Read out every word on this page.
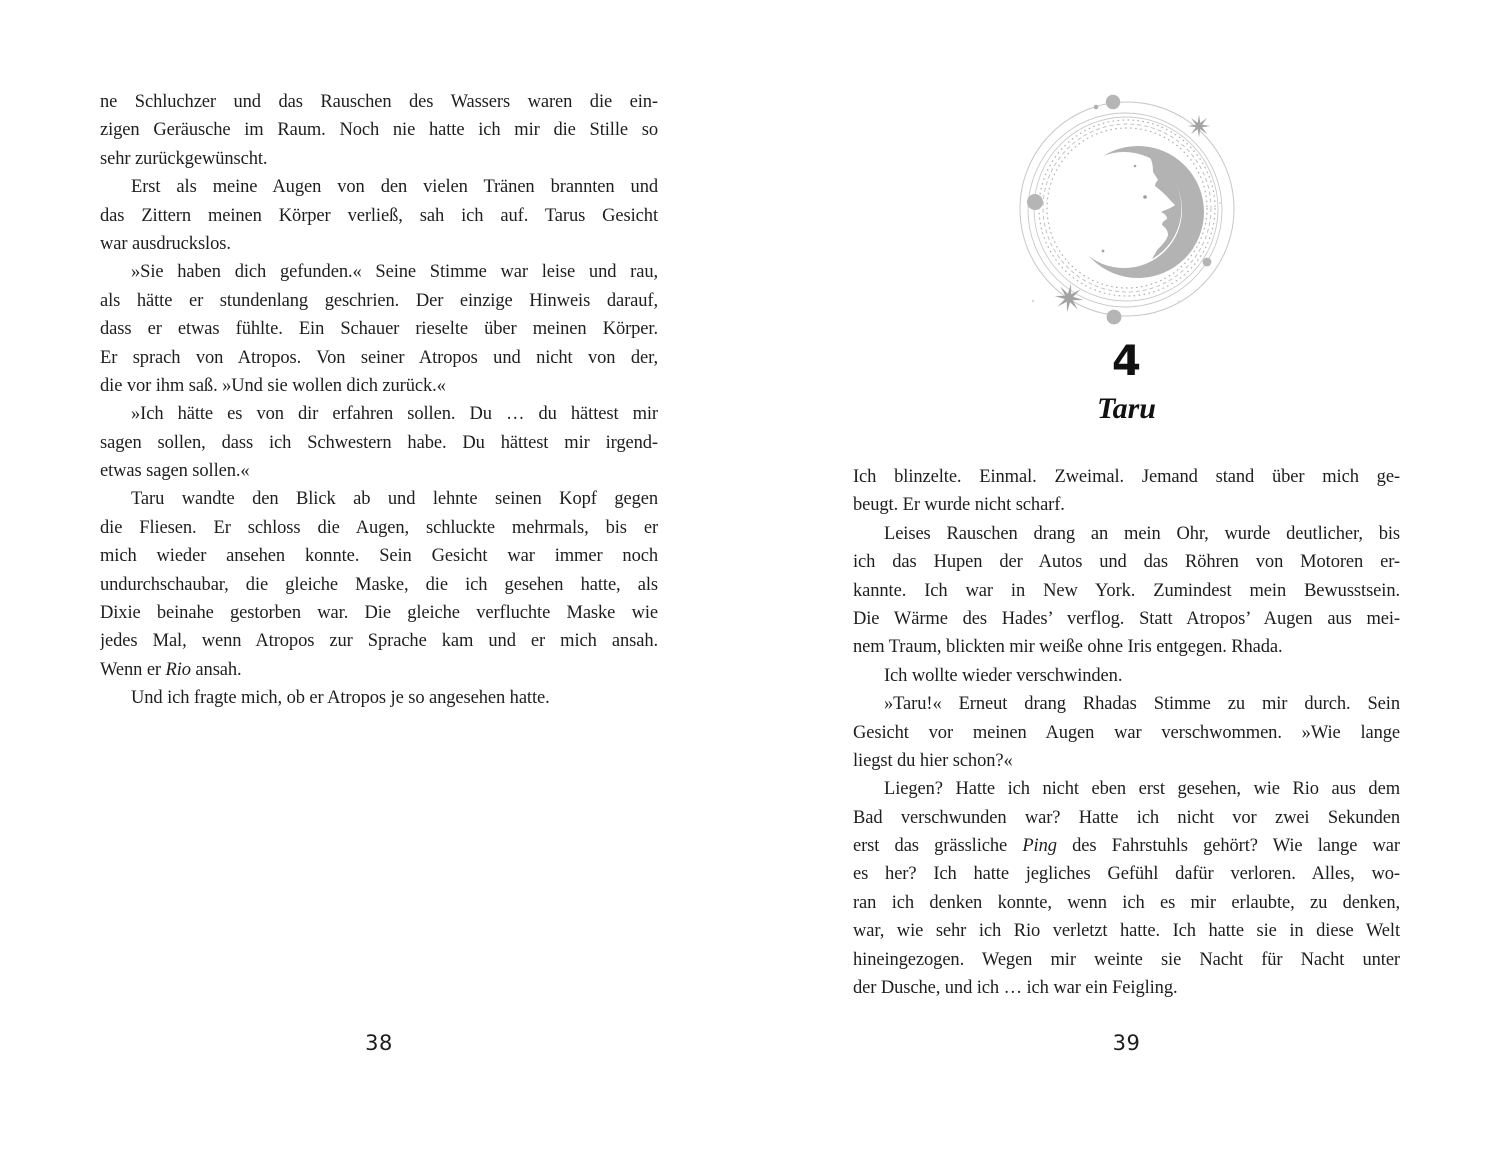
ne Schluchzer und das Rauschen des Wassers waren die ein-
zigen Geräusche im Raum. Noch nie hatte ich mir die Stille so
sehr zurückgewünscht.
Erst als meine Augen von den vielen Tränen brannten und
das Zittern meinen Körper verließ, sah ich auf. Tarus Gesicht
war ausdruckslos.
»Sie haben dich gefunden.« Seine Stimme war leise und rau,
als hätte er stundenlang geschrien. Der einzige Hinweis darauf,
dass er etwas fühlte. Ein Schauer rieselte über meinen Körper.
Er sprach von Atropos. Von seiner Atropos und nicht von der,
die vor ihm saß. »Und sie wollen dich zurück.«
»Ich hätte es von dir erfahren sollen. Du … du hättest mir
sagen sollen, dass ich Schwestern habe. Du hättest mir irgend-
etwas sagen sollen.«
Taru wandte den Blick ab und lehnte seinen Kopf gegen
die Fliesen. Er schloss die Augen, schluckte mehrmals, bis er
mich wieder ansehen konnte. Sein Gesicht war immer noch
undurchschaubar, die gleiche Maske, die ich gesehen hatte, als
Dixie beinahe gestorben war. Die gleiche verfluchte Maske wie
jedes Mal, wenn Atropos zur Sprache kam und er mich ansah.
Wenn er Rio ansah.
Und ich fragte mich, ob er Atropos je so angesehen hatte.
38
4
Taru
Ich blinzelte. Einmal. Zweimal. Jemand stand über mich ge-
beugt. Er wurde nicht scharf.
Leises Rauschen drang an mein Ohr, wurde deutlicher, bis
ich das Hupen der Autos und das Röhren von Motoren er-
kannte. Ich war in New York. Zumindest mein Bewusstsein.
Die Wärme des Hades’ verflog. Statt Atropos’ Augen aus mei-
nem Traum, blickten mir weiße ohne Iris entgegen. Rhada.
Ich wollte wieder verschwinden.
»Taru!« Erneut drang Rhadas Stimme zu mir durch. Sein
Gesicht vor meinen Augen war verschwommen. »Wie lange
liegst du hier schon?«
Liegen? Hatte ich nicht eben erst gesehen, wie Rio aus dem
Bad verschwunden war? Hatte ich nicht vor zwei Sekunden
erst das grässliche Ping des Fahrstuhls gehört? Wie lange war
es her? Ich hatte jegliches Gefühl dafür verloren. Alles, wo-
ran ich denken konnte, wenn ich es mir erlaubte, zu denken,
war, wie sehr ich Rio verletzt hatte. Ich hatte sie in diese Welt
hineingezogen. Wegen mir weinte sie Nacht für Nacht unter
der Dusche, und ich … ich war ein Feigling.
39
